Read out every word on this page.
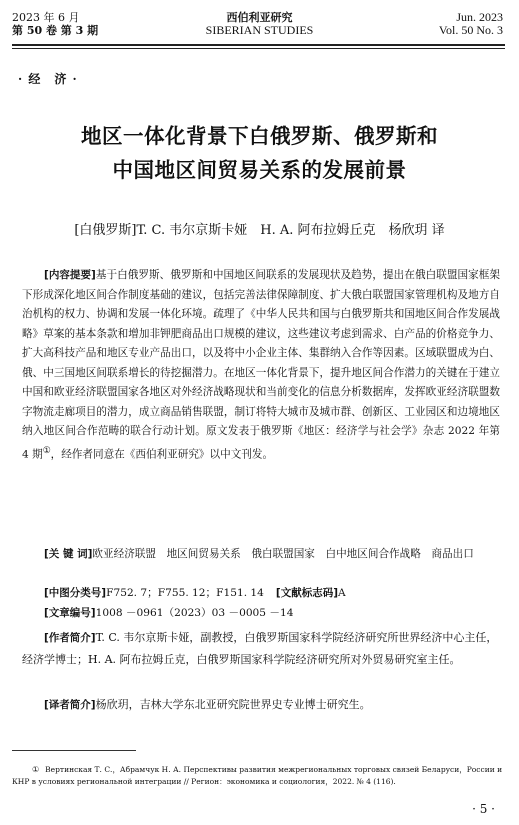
2023 年 6 月
第 50 卷 第 3 期
西伯利亚研究
SIBERIAN STUDIES
Jun. 2023
Vol. 50 No. 3
· 经　济 ·
地区一体化背景下白俄罗斯、俄罗斯和
中国地区间贸易关系的发展前景
[白俄罗斯]T. C. 韦尔京斯卡娅　H. A. 阿布拉姆丘克　杨欣玥 译
[内容提要]基于白俄罗斯、俄罗斯和中国地区间联系的发展现状及趋势，提出在俄白联盟国家框架下形成深化地区间合作制度基础的建议，包括完善法律保障制度、扩大俄白联盟国家管理机构及地方自治机构的权力、协调和发展一体化环境。疏理了《中华人民共和国与白俄罗斯共和国地区间合作发展战略》草案的基本条款和增加非钾肥商品出口规模的建议，这些建议考虑到需求、白产品的价格竞争力、扩大高科技产品和地区专业产品出口，以及将中小企业主体、集群纳入合作等因素。区域联盟成为白、俄、中三国地区间联系增长的待挖掘潜力。在地区一体化背景下，提升地区间合作潜力的关键在于建立中国和欧亚经济联盟国家各地区对外经济战略现状和当前变化的信息分析数据库，发挥欧亚经济联盟数字物流走廊项目的潜力，成立商品销售联盟，制订将特大城市及城市群、创新区、工业园区和边境地区纳入地区间合作范畴的联合行动计划。原文发表于俄罗斯《地区：经济学与社会学》杂志 2022 年第 4 期①，经作者同意在《西伯利亚研究》以中文刊发。
[关 键 词]欧亚经济联盟　地区间贸易关系　俄白联盟国家　白中地区间合作战略　商品出口
[中图分类号]F752. 7；F755. 12；F151. 14 [文献标志码]A
[文章编号]1008 －0961（2023）03 －0005 －14
[作者简介]T. C. 韦尔京斯卡娅，副教授，白俄罗斯国家科学院经济研究所世界经济中心主任，经济学博士；H. A. 阿布拉姆丘克，白俄罗斯国家科学院经济研究所对外贸易研究室主任。
[译者简介]杨欣玥，吉林大学东北亚研究院世界史专业博士研究生。
① Вертинская Т. С.，Абрамчук Н. А. Перспективы развития межрегиональных торговых связей Беларуси，России и КНР в условиях региональной интеграции // Регион：экономика и социология，2022. № 4 (116).
· 5 ·
